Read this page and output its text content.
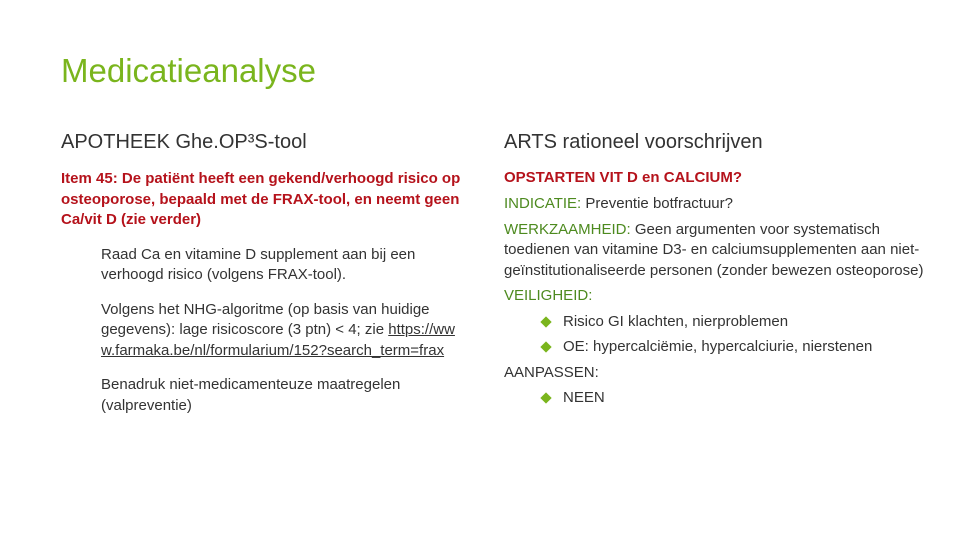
Medicatieanalyse
APOTHEEK Ghe.OP³S-tool
Item 45: De patiënt heeft een gekend/verhoogd risico op osteoporose, bepaald met de FRAX-tool, en neemt geen Ca/vit D (zie verder)
Raad Ca en vitamine D supplement aan bij een verhoogd risico (volgens FRAX-tool).
Volgens het NHG-algoritme (op basis van huidige gegevens): lage risicoscore (3 ptn) < 4; zie https://www.farmaka.be/nl/formularium/152?search_term=frax
Benadruk niet-medicamenteuze maatregelen (valpreventie)
ARTS rationeel voorschrijven
OPSTARTEN VIT D en CALCIUM?
INDICATIE: Preventie botfractuur?
WERKZAAMHEID: Geen argumenten voor systematisch toedienen van vitamine D3- en calciumsupplementen aan niet-geïnstitutionaliseerde personen (zonder bewezen osteoporose)
VEILIGHEID:
Risico GI klachten, nierproblemen
OE: hypercalciëmie, hypercalciurie, nierstenen
AANPASSEN:
NEEN
